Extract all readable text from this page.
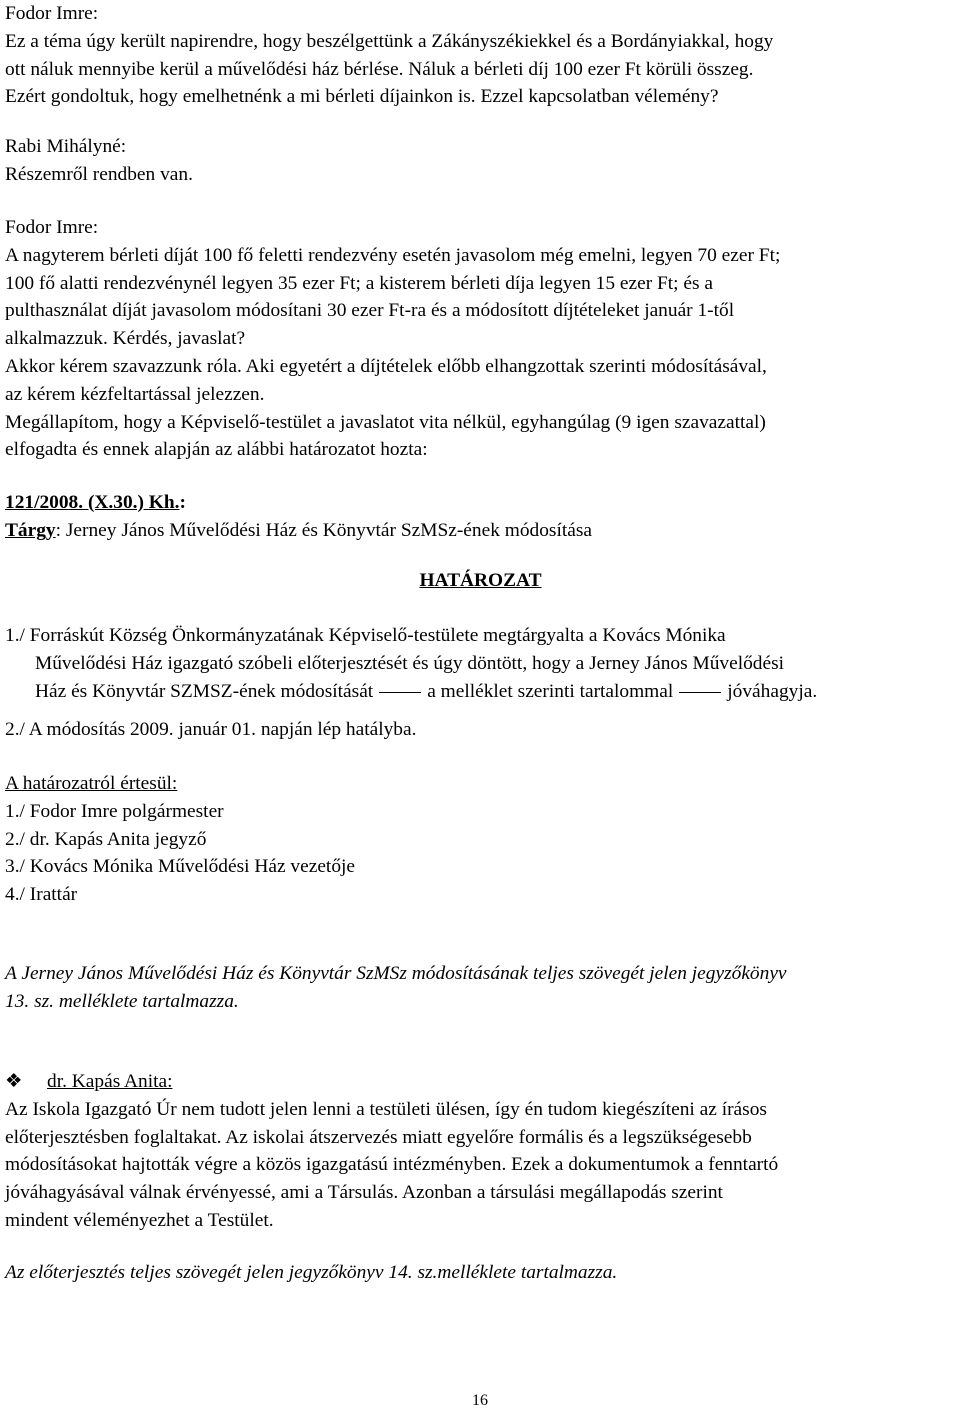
Fodor Imre:

Ez a téma úgy került napirendre, hogy beszélgettünk a Zákányszékiekkel és a Bordányiakkal, hogy

ott náluk mennyibe kerül a művelődési ház bérlése. Náluk a bérleti díj 100 ezer Ft körüli összeg.

Ezért gondoltuk, hogy emelhetnénk a mi bérleti díjainkon is. Ezzel kapcsolatban vélemény?

Rabi Mihályné:

Részemről rendben van.

Fodor Imre:

A nagyterem bérleti díját 100 fő feletti rendezvény esetén javasolom még emelni, legyen 70 ezer Ft;

100 fő alatti rendezvénynél legyen 35 ezer Ft; a kisterem bérleti díja legyen 15 ezer Ft; és a

pulthasználat díját javasolom módosítani 30 ezer Ft-ra és a módosított díjtételeket január 1-től

alkalmazzuk. Kérdés, javaslat?

Akkor kérem szavazzunk róla. Aki egyetért a díjtételek előbb elhangzottak szerinti módosításával,

az kérem kézfeltartással jelezzen.

Megállapítom, hogy a Képviselő-testület a javaslatot vita nélkül, egyhangúlag (9 igen szavazattal)

elfogadta és ennek alapján az alábbi határozatot hozta:

121/2008. (X.30.) Kh.:

Tárgy: Jerney János Művelődési Ház és Könyvtár SzMSz-ének módosítása

HATÁROZAT

1./ Forráskút Község Önkormányzatának Képviselő-testülete megtárgyalta a Kovács Mónika

Művelődési Ház igazgató szóbeli előterjesztését és úgy döntött, hogy a Jerney János Művelődési

Ház és Könyvtár SZMSZ-ének módosítását	a melléklet szerinti tartalommal	jóváhagyja.

2./ A módosítás 2009. január 01. napján lép hatályba.

A határozatról értesül:

1./ Fodor Imre polgármester

2./ dr. Kapás Anita jegyző

3./ Kovács Mónika Művelődési Ház vezetője

4./ Irattár

A Jerney János Művelődési Ház és Könyvtár SzMSz módosításának teljes szövegét jelen jegyzőkönyv

13. sz. melléklete tartalmazza.

❖ dr. Kapás Anita:

Az Iskola Igazgató Úr nem tudott jelen lenni a testületi ülésen, így én tudom kiegészíteni az írásos

előterjesztésben foglaltakat. Az iskolai átszervezés miatt egyelőre formális és a legszükségesebb

módosításokat hajtották végre a közös igazgatású intézményben. Ezek a dokumentumok a fenntartó

jóváhagyásával válnak érvényessé, ami a Társulás. Azonban a társulási megállapodás szerint

mindent véleményezhet a Testület.

Az előterjesztés teljes szövegét jelen jegyzőkönyv 14. sz.melléklete tartalmazza.

16
